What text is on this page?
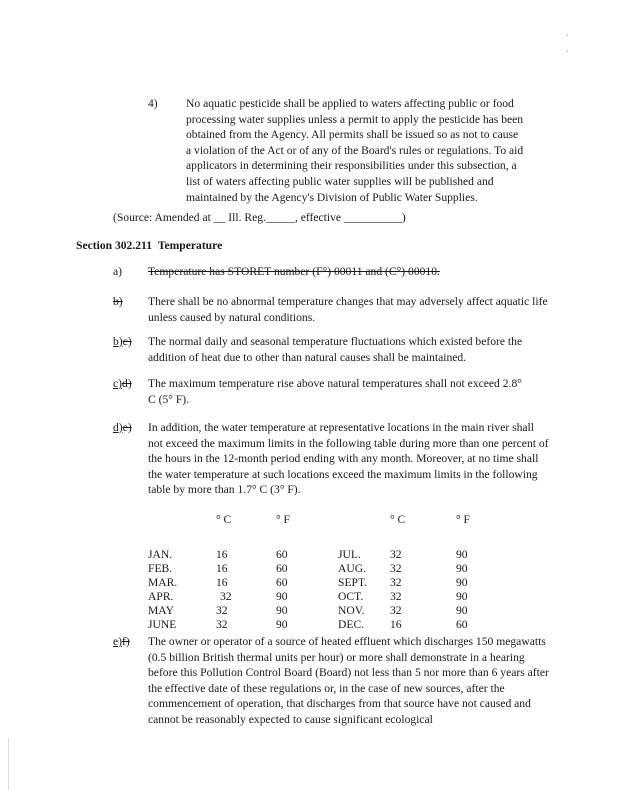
. .
4) No aquatic pesticide shall be applied to waters affecting public or food processing water supplies unless a permit to apply the pesticide has been obtained from the Agency. All permits shall be issued so as not to cause a violation of the Act or of any of the Board's rules or regulations. To aid applicators in determining their responsibilities under this subsection, a list of waters affecting public water supplies will be published and maintained by the Agency's Division of Public Water Supplies.
(Source: Amended at __ Ill. Reg._____, effective __________)
Section 302.211 Temperature
a) Temperature has STORET number (F°) 00011 and (C°) 00010.
b) There shall be no abnormal temperature changes that may adversely affect aquatic life unless caused by natural conditions.
b)c) The normal daily and seasonal temperature fluctuations which existed before the addition of heat due to other than natural causes shall be maintained.
c)d) The maximum temperature rise above natural temperatures shall not exceed 2.8° C (5° F).
d)e) In addition, the water temperature at representative locations in the main river shall not exceed the maximum limits in the following table during more than one percent of the hours in the 12-month period ending with any month. Moreover, at no time shall the water temperature at such locations exceed the maximum limits in the following table by more than 1.7° C (3° F).
	° C	° F		° C	° F

JAN.	16	60	JUL.	32	90
FEB.	16	60	AUG.	32	90
MAR.	16	60	SEPT.	32	90
APR.	32	90	OCT.	32	90
MAY	32	90	NOV.	32	90
JUNE	32	90	DEC.	16	60
e)f) The owner or operator of a source of heated effluent which discharges 150 megawatts (0.5 billion British thermal units per hour) or more shall demonstrate in a hearing before this Pollution Control Board (Board) not less than 5 nor more than 6 years after the effective date of these regulations or, in the case of new sources, after the commencement of operation, that discharges from that source have not caused and cannot be reasonably expected to cause significant ecological
